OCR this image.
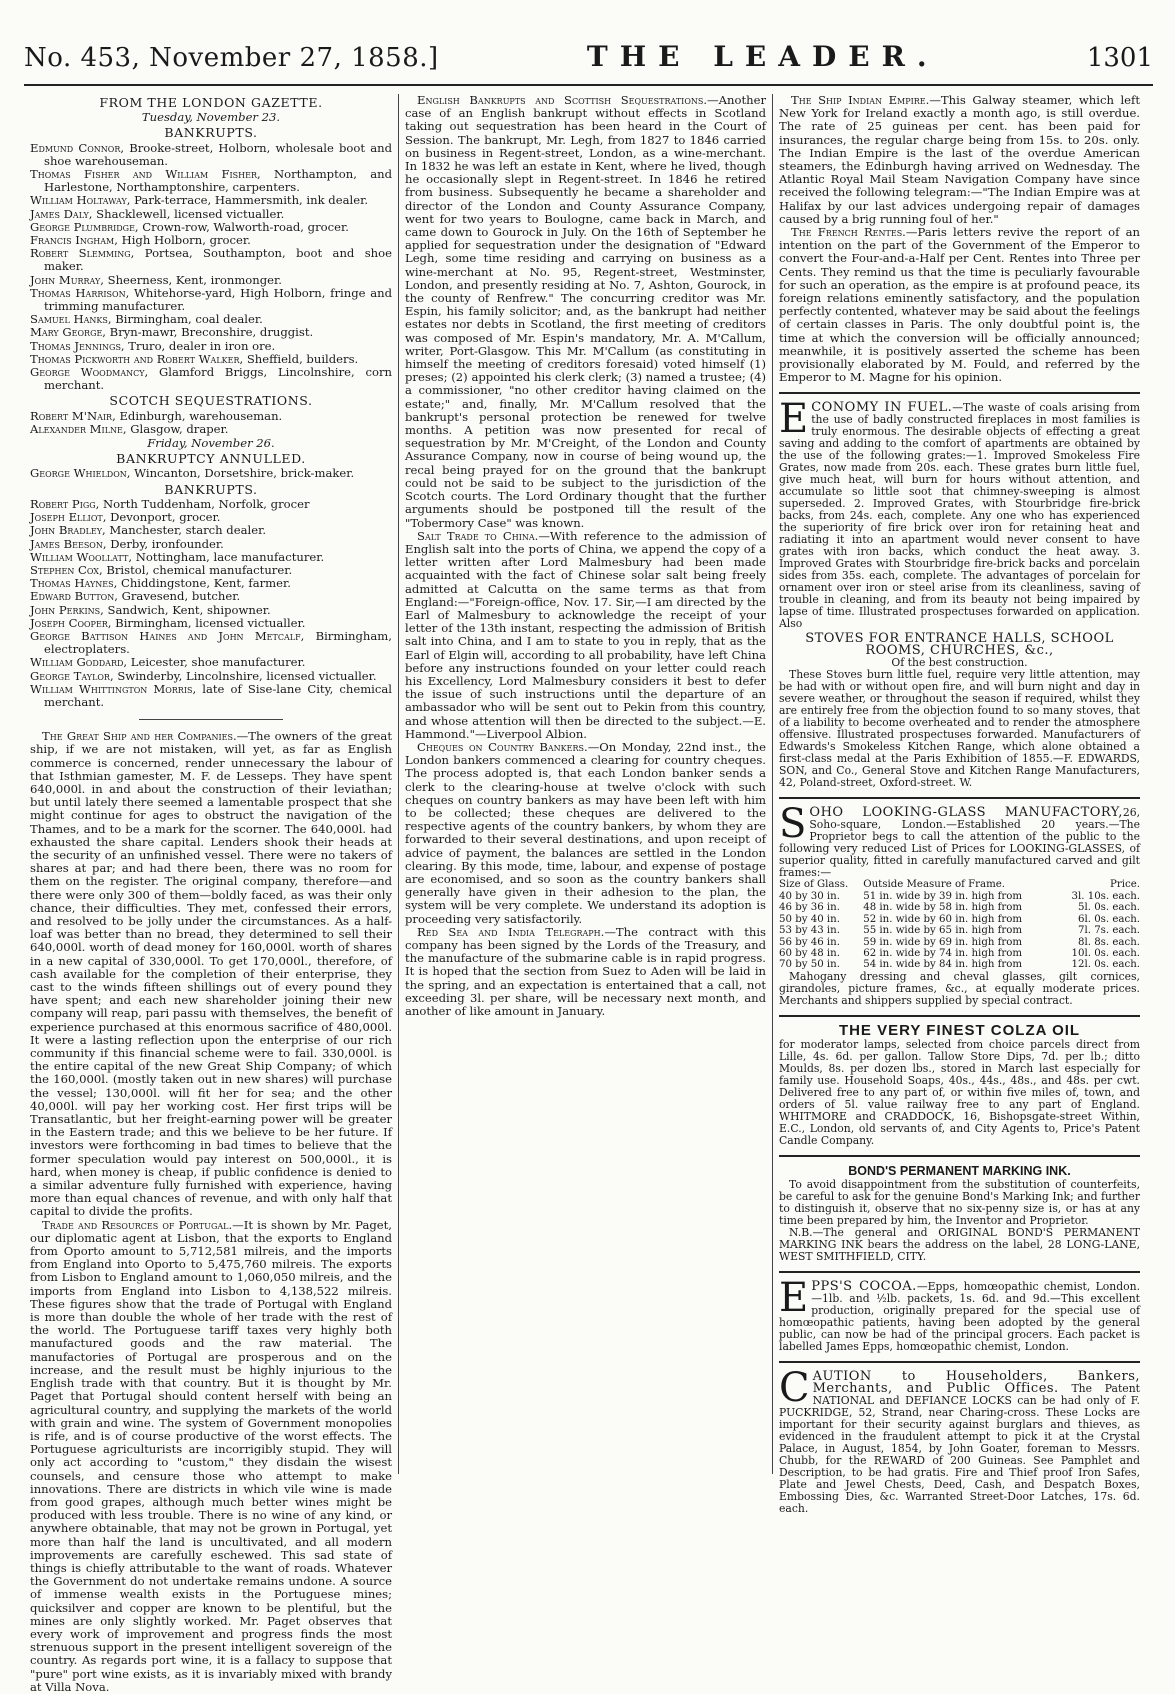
No. 453, November 27, 1858.]	THE LEADER.	1301
FROM THE LONDON GAZETTE.
Tuesday, November 23.
BANKRUPTS.

Edmund Connor, Brooke-street, Holborn, wholesale boot and shoe warehouseman.

Thomas Fisher and William Fisher, Northampton, and Harlestone, Northamptonshire, carpenters.

William Holtaway, Park-terrace, Hammersmith, ink dealer.

James Daly, Shacklewell, licensed victualler.

George Plumbridge, Crown-row, Walworth-road, grocer.

Francis Ingham, High Holborn, grocer.

Robert Slemming, Portsea, Southampton, boot and shoe maker.

John Murray, Sheerness, Kent, ironmonger.

Thomas Harrison, Whitehorse-yard, High Holborn, fringe and trimming manufacturer.

Samuel Hanks, Birmingham, coal dealer.

Mary George, Bryn-mawr, Breconshire, druggist.

Thomas Jennings, Truro, dealer in iron ore.

Thomas Pickworth and Robert Walker, Sheffield, builders.

George Woodmancy, Glamford Briggs, Lincolnshire, corn merchant.

SCOTCH SEQUESTRATIONS.

Robert M'Nair, Edinburgh, warehouseman.

Alexander Milne, Glasgow, draper.

Friday, November 26.
BANKRUPTCY ANNULLED.

George Whieldon, Wincanton, Dorsetshire, brick-maker.

BANKRUPTS.

Robert Pigg, North Tuddenham, Norfolk, grocer

Joseph Elliot, Devonport, grocer.

John Bradley, Manchester, starch dealer.

James Beeson, Derby, ironfounder.

William Woollatt, Nottingham, lace manufacturer.

Stephen Cox, Bristol, chemical manufacturer.

Thomas Haynes, Chiddingstone, Kent, farmer.

Edward Button, Gravesend, butcher.

John Perkins, Sandwich, Kent, shipowner.

Joseph Cooper, Birmingham, licensed victualler.

George Battison Haines and John Metcalf, Birmingham, electroplaters.

William Goddard, Leicester, shoe manufacturer.

George Taylor, Swinderby, Lincolnshire, licensed victualler.

William Whittington Morris, late of Sise-lane City, chemical merchant.

The Great Ship and her Companies.—The owners of the great ship, if we are not mistaken, will yet, as far as English commerce is concerned, render unnecessary the labour of that Isthmian gamester, M. F. de Lesseps. They have spent 640,000l. in and about the construction of their leviathan; but until lately there seemed a lamentable prospect that she might continue for ages to obstruct the navigation of the Thames, and to be a mark for the scorner. The 640,000l. had exhausted the share capital. Lenders shook their heads at the security of an unfinished vessel. There were no takers of shares at par; and had there been, there was no room for them on the register. The original company, therefore—and there were only 300 of them—boldly faced, as was their only chance, their difficulties. They met, confessed their errors, and resolved to be jolly under the circumstances. As a half-loaf was better than no bread, they determined to sell their 640,000l. worth of dead money for 160,000l. worth of shares in a new capital of 330,000l. To get 170,000l., therefore, of cash available for the completion of their enterprise, they cast to the winds fifteen shillings out of every pound they have spent; and each new shareholder joining their new company will reap, pari passu with themselves, the benefit of experience purchased at this enormous sacrifice of 480,000l. It were a lasting reflection upon the enterprise of our rich community if this financial scheme were to fail. 330,000l. is the entire capital of the new Great Ship Company; of which the 160,000l. (mostly taken out in new shares) will purchase the vessel; 130,000l. will fit her for sea; and the other 40,000l. will pay her working cost. Her first trips will be Transatlantic, but her freight-earning power will be greater in the Eastern trade; and this we believe to be her future. If investors were forthcoming in bad times to believe that the former speculation would pay interest on 500,000l., it is hard, when money is cheap, if public confidence is denied to a similar adventure fully furnished with experience, having more than equal chances of revenue, and with only half that capital to divide the profits.

Trade and Resources of Portugal.—It is shown by Mr. Paget, our diplomatic agent at Lisbon, that the exports to England from Oporto amount to 5,712,581 milreis, and the imports from England into Oporto to 5,475,760 milreis. The exports from Lisbon to England amount to 1,060,050 milreis, and the imports from England into Lisbon to 4,138,522 milreis. These figures show that the trade of Portugal with England is more than double the whole of her trade with the rest of the world. The Portuguese tariff taxes very highly both manufactured goods and the raw material. The manufactories of Portugal are prosperous and on the increase, and the result must be highly injurious to the English trade with that country. But it is thought by Mr. Paget that Portugal should content herself with being an agricultural country, and supplying the markets of the world with grain and wine. The system of Government monopolies is rife, and is of course productive of the worst effects. The Portuguese agriculturists are incorrigibly stupid. They will only act according to "custom," they disdain the wisest counsels, and censure those who attempt to make innovations. There are districts in which vile wine is made from good grapes, although much better wines might be produced with less trouble. There is no wine of any kind, or anywhere obtainable, that may not be grown in Portugal, yet more than half the land is uncultivated, and all modern improvements are carefully eschewed. This sad state of things is chiefly attributable to the want of roads. Whatever the Government do not undertake remains undone. A source of immense wealth exists in the Portuguese mines; quicksilver and copper are known to be plentiful, but the mines are only slightly worked. Mr. Paget observes that every work of improvement and progress finds the most strenuous support in the present intelligent sovereign of the country. As regards port wine, it is a fallacy to suppose that "pure" port wine exists, as it is invariably mixed with brandy at Villa Nova.

English Bankrupts and Scottish Sequestrations.—Another case of an English bankrupt without effects in Scotland taking out sequestration has been heard in the Court of Session. The bankrupt, Mr. Legh, from 1827 to 1846 carried on business in Regent-street, London, as a wine-merchant. In 1832 he was left an estate in Kent, where he lived, though he occasionally slept in Regent-street. In 1846 he retired from business. Subsequently he became a shareholder and director of the London and County Assurance Company, went for two years to Boulogne, came back in March, and came down to Gourock in July. On the 16th of September he applied for sequestration under the designation of "Edward Legh, some time residing and carrying on business as a wine-merchant at No. 95, Regent-street, Westminster, London, and presently residing at No. 7, Ashton, Gourock, in the county of Renfrew." The concurring creditor was Mr. Espin, his family solicitor; and, as the bankrupt had neither estates nor debts in Scotland, the first meeting of creditors was composed of Mr. Espin's mandatory, Mr. A. M'Callum, writer, Port-Glasgow. This Mr. M'Callum (as constituting in himself the meeting of creditors foresaid) voted himself (1) preses; (2) appointed his clerk clerk; (3) named a trustee; (4) a commissioner, "no other creditor having claimed on the estate;" and, finally, Mr. M'Callum resolved that the bankrupt's personal protection be renewed for twelve months. A petition was now presented for recal of sequestration by Mr. M'Creight, of the London and County Assurance Company, now in course of being wound up, the recal being prayed for on the ground that the bankrupt could not be said to be subject to the jurisdiction of the Scotch courts. The Lord Ordinary thought that the further arguments should be postponed till the result of the "Tobermory Case" was known.

Salt Trade to China.—With reference to the admission of English salt into the ports of China, we append the copy of a letter written after Lord Malmesbury had been made acquainted with the fact of Chinese solar salt being freely admitted at Calcutta on the same terms as that from England:—"Foreign-office, Nov. 17. Sir,—I am directed by the Earl of Malmesbury to acknowledge the receipt of your letter of the 13th instant, respecting the admission of British salt into China, and I am to state to you in reply, that as the Earl of Elgin will, according to all probability, have left China before any instructions founded on your letter could reach his Excellency, Lord Malmesbury considers it best to defer the issue of such instructions until the departure of an ambassador who will be sent out to Pekin from this country, and whose attention will then be directed to the subject.—E. Hammond."—Liverpool Albion.

Cheques on Country Bankers.—On Monday, 22nd inst., the London bankers commenced a clearing for country cheques. The process adopted is, that each London banker sends a clerk to the clearing-house at twelve o'clock with such cheques on country bankers as may have been left with him to be collected; these cheques are delivered to the respective agents of the country bankers, by whom they are forwarded to their several destinations, and upon receipt of advice of payment, the balances are settled in the London clearing. By this mode, time, labour, and expense of postage are economised, and so soon as the country bankers shall generally have given in their adhesion to the plan, the system will be very complete. We understand its adoption is proceeding very satisfactorily.

Red Sea and India Telegraph.—The contract with this company has been signed by the Lords of the Treasury, and the manufacture of the submarine cable is in rapid progress. It is hoped that the section from Suez to Aden will be laid in the spring, and an expectation is entertained that a call, not exceeding 3l. per share, will be necessary next month, and another of like amount in January.

The Ship Indian Empire.—This Galway steamer, which left New York for Ireland exactly a month ago, is still overdue. The rate of 25 guineas per cent. has been paid for insurances, the regular charge being from 15s. to 20s. only. The Indian Empire is the last of the overdue American steamers, the Edinburgh having arrived on Wednesday. The Atlantic Royal Mail Steam Navigation Company have since received the following telegram:—"The Indian Empire was at Halifax by our last advices undergoing repair of damages caused by a brig running foul of her."

The French Rentes.—Paris letters revive the report of an intention on the part of the Government of the Emperor to convert the Four-and-a-Half per Cent. Rentes into Three per Cents. They remind us that the time is peculiarly favourable for such an operation, as the empire is at profound peace, its foreign relations eminently satisfactory, and the population perfectly contented, whatever may be said about the feelings of certain classes in Paris. The only doubtful point is, the time at which the conversion will be officially announced; meanwhile, it is positively asserted the scheme has been provisionally elaborated by M. Fould, and referred by the Emperor to M. Magne for his opinion.

ECONOMY IN FUEL.—The waste of coals arising from the use of badly constructed fireplaces in most families is truly enormous. The desirable objects of effecting a great saving and adding to the comfort of apartments are obtained by the use of the following grates:—1. Improved Smokeless Fire Grates, now made from 20s. each. These grates burn little fuel, give much heat, will burn for hours without attention, and accumulate so little soot that chimney-sweeping is almost superseded. 2. Improved Grates, with Stourbridge fire-brick backs, from 24s. each, complete. Any one who has experienced the superiority of fire brick over iron for retaining heat and radiating it into an apartment would never consent to have grates with iron backs, which conduct the heat away. 3. Improved Grates with Stourbridge fire-brick backs and porcelain sides from 35s. each, complete. The advantages of porcelain for ornament over iron or steel arise from its cleanliness, saving of trouble in cleaning, and from its beauty not being impaired by lapse of time. Illustrated prospectuses forwarded on application. Also

STOVES FOR ENTRANCE HALLS, SCHOOL ROOMS, CHURCHES, &c.,
Of the best construction.

These Stoves burn little fuel, require very little attention, may be had with or without open fire, and will burn night and day in severe weather, or throughout the season if required, whilst they are entirely free from the objection found to so many stoves, that of a liability to become overheated and to render the atmosphere offensive. Illustrated prospectuses forwarded. Manufacturers of Edwards's Smokeless Kitchen Range, which alone obtained a first-class medal at the Paris Exhibition of 1855.—F. EDWARDS, SON, and Co., General Stove and Kitchen Range Manufacturers, 42, Poland-street, Oxford-street. W.

SOHO LOOKING-GLASS MANUFACTORY,26, Soho-square, London.—Established 20 years.—The Proprietor begs to call the attention of the public to the following very reduced List of Prices for LOOKING-GLASSES, of superior quality, fitted in carefully manufactured carved and gilt frames:—

Size of Glass.	Outside Measure of Frame.	Price.
40 by 30 in.	51 in. wide by 39 in. high from	3l. 10s. each.
46 by 36 in.	48 in. wide by 58 in. high from	5l. 0s. each.
50 by 40 in.	52 in. wide by 60 in. high from	6l. 0s. each.
53 by 43 in.	55 in. wide by 65 in. high from	7l. 7s. each.
56 by 46 in.	59 in. wide by 69 in. high from	8l. 8s. each.
60 by 48 in.	62 in. wide by 74 in. high from	10l. 0s. each.
70 by 50 in.	54 in. wide by 84 in. high from	12l. 0s. each.

Mahogany dressing and cheval glasses, gilt cornices, girandoles, picture frames, &c., at equally moderate prices. Merchants and shippers supplied by special contract.

THE VERY FINEST COLZA OIL

for moderator lamps, selected from choice parcels direct from Lille, 4s. 6d. per gallon. Tallow Store Dips, 7d. per lb.; ditto Moulds, 8s. per dozen lbs., stored in March last especially for family use. Household Soaps, 40s., 44s., 48s., and 48s. per cwt. Delivered free to any part of, or within five miles of, town, and orders of 5l. value railway free to any part of England. WHITMORE and CRADDOCK, 16, Bishopsgate-street Within, E.C., London, old servants of, and City Agents to, Price's Patent Candle Company.

BOND'S PERMANENT MARKING INK.

To avoid disappointment from the substitution of counterfeits, be careful to ask for the genuine Bond's Marking Ink; and further to distinguish it, observe that no six-penny size is, or has at any time been prepared by him, the Inventor and Proprietor.

N.B.—The general and ORIGINAL BOND'S PERMANENT MARKING INK bears the address on the label, 28 LONG-LANE, WEST SMITHFIELD, CITY.

EPPS'S COCOA.—Epps, homœopathic chemist, London.—1lb. and ½lb. packets, 1s. 6d. and 9d.—This excellent production, originally prepared for the special use of homœopathic patients, having been adopted by the general public, can now be had of the principal grocers. Each packet is labelled James Epps, homœopathic chemist, London.

CAUTION to Householders, Bankers, Merchants, and Public Offices. The Patent NATIONAL and DEFIANCE LOCKS can be had only of F. PUCKRIDGE, 52, Strand, near Charing-cross. These Locks are important for their security against burglars and thieves, as evidenced in the fraudulent attempt to pick it at the Crystal Palace, in August, 1854, by John Goater, foreman to Messrs. Chubb, for the REWARD of 200 Guineas. See Pamphlet and Description, to be had gratis. Fire and Thief proof Iron Safes, Plate and Jewel Chests, Deed, Cash, and Despatch Boxes, Embossing Dies, &c. Warranted Street-Door Latches, 17s. 6d. each.
